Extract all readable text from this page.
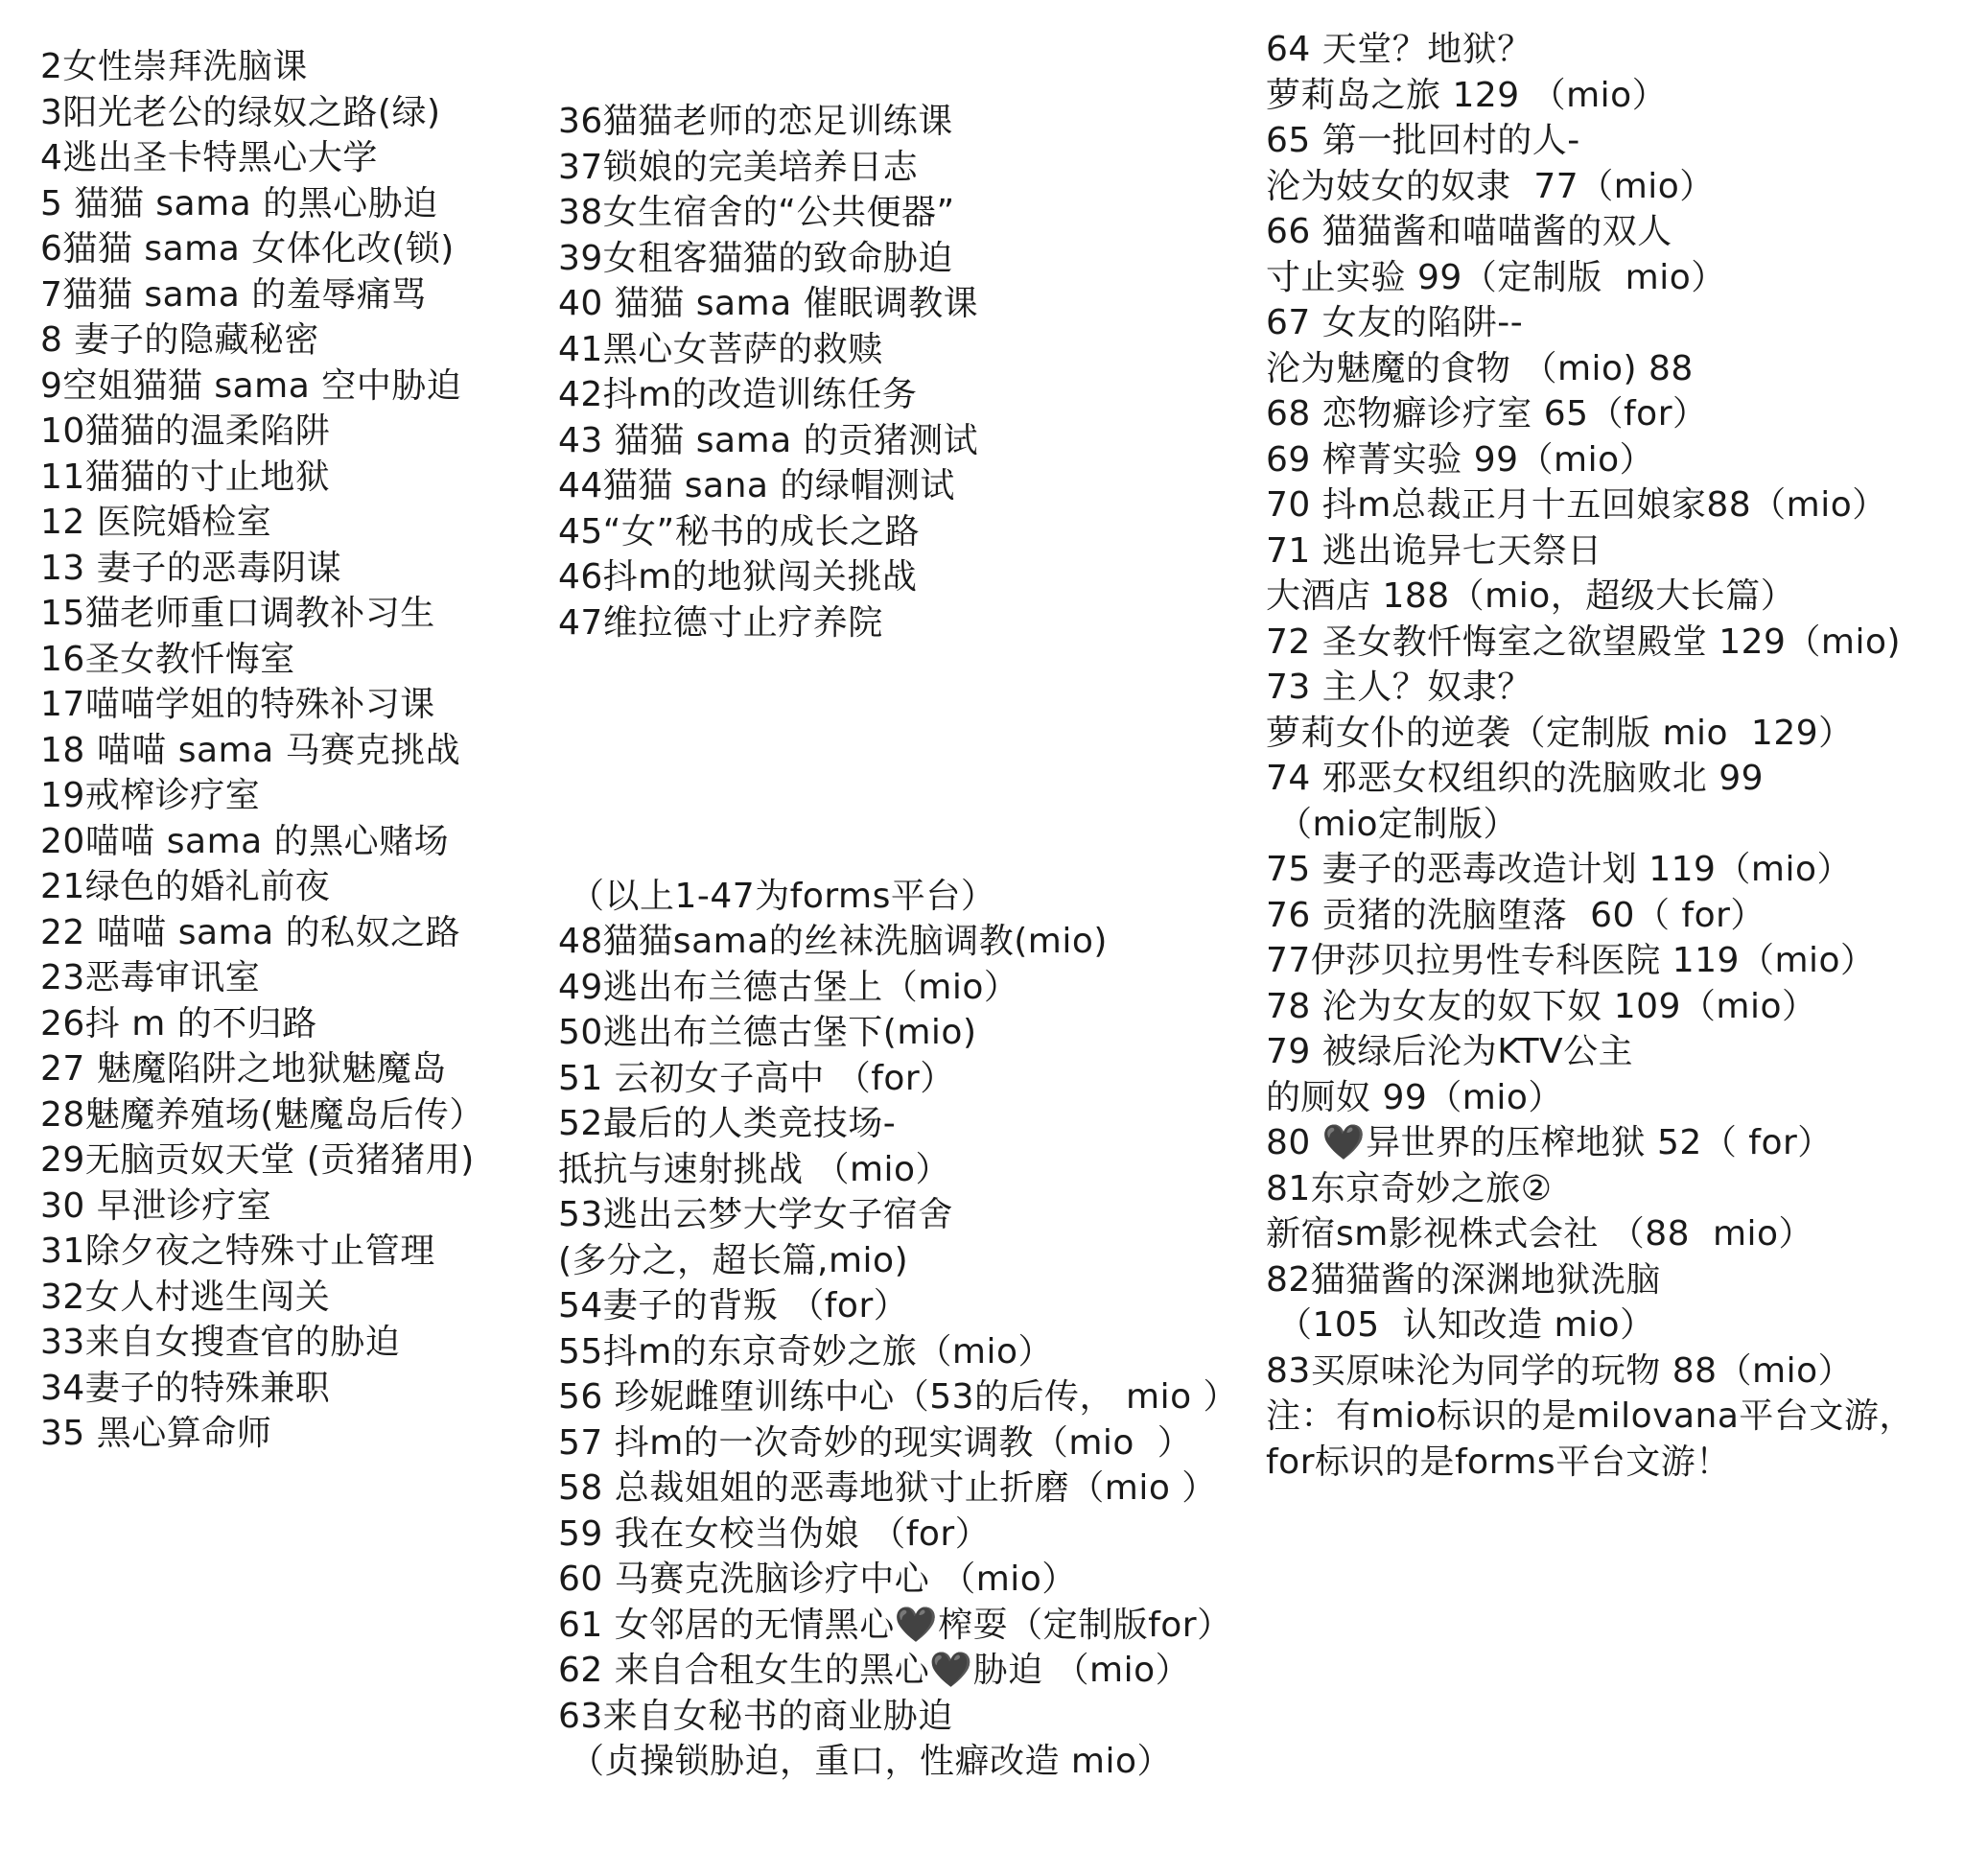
2女性崇拜洗脑课
3阳光老公的绿奴之路(绿)
4逃出圣卡特黑心大学
5 猫猫 sama 的黑心胁迫
6猫猫 sama 女体化改(锁)
7猫猫 sama 的羞辱痛骂
8 妻子的隐藏秘密
9空姐猫猫 sama 空中胁迫
10猫猫的温柔陷阱
11猫猫的寸止地狱
12 医院婚检室
13 妻子的恶毒阴谋
15猫老师重口调教补习生
16圣女教忏悔室
17喵喵学姐的特殊补习课
18 喵喵 sama 马赛克挑战
19戒榨诊疗室
20喵喵 sama 的黑心赌场
21绿色的婚礼前夜
22 喵喵 sama 的私奴之路
23恶毒审讯室
26抖 m 的不归路
27 魅魔陷阱之地狱魅魔岛
28魅魔养殖场(魅魔岛后传）
29无脑贡奴天堂 (贡猪猪用)
30 早泄诊疗室
31除夕夜之特殊寸止管理
32女人村逃生闯关
33来自女搜查官的胁迫
34妻子的特殊兼职
35 黑心算命师

36猫猫老师的恋足训练课
37锁娘的完美培养日志
38女生宿舍的“公共便器”
39女租客猫猫的致命胁迫
40 猫猫 sama 催眠调教课
41黑心女菩萨的救赎
42抖m的改造训练任务
43 猫猫 sama 的贡猪测试
44猫猫 sana 的绿帽测试
45“女”秘书的成长之路
46抖m的地狱闯关挑战
47维拉德寸止疗养院

（以上1-47为forms平台）
48猫猫sama的丝袜洗脑调教(mio)
49逃出布兰德古堡上（mio）
50逃出布兰德古堡下(mio)
51 云初女子高中 （for）
52最后的人类竞技场-
抵抗与速射挑战 （mio）
53逃出云梦大学女子宿舍
(多分之，超长篇,mio)
54妻子的背叛 （for）
55抖m的东京奇妙之旅（mio）
56 珍妮雌堕训练中心（53的后传， mio ）
57 抖m的一次奇妙的现实调教（mio  ）
58 总裁姐姐的恶毒地狱寸止折磨（mio ）
59 我在女校当伪娘 （for）
60 马赛克洗脑诊疗中心 （mio）
61 女邻居的无情黑心🖤榨耍（定制版for）
62 来自合租女生的黑心🖤胁迫 （mio）
63来自女秘书的商业胁迫
（贞操锁胁迫，重口，性癖改造 mio）

64 天堂？地狱？
萝莉岛之旅 129 （mio）
65 第一批回村的人-
沦为妓女的奴隶  77（mio）
66 猫猫酱和喵喵酱的双人
寸止实验 99（定制版  mio）
67 女友的陷阱--
沦为魅魔的食物 （mio) 88
68 恋物癖诊疗室 65（for）
69 榨菁实验 99（mio）
70 抖m总裁正月十五回娘家88（mio）
71 逃出诡异七天祭日
大酒店 188（mio，超级大长篇）
72 圣女教忏悔室之欲望殿堂 129（mio)
73 主人？奴隶？
萝莉女仆的逆袭（定制版 mio  129）
74 邪恶女权组织的洗脑败北 99
（mio定制版）
75 妻子的恶毒改造计划 119（mio）
76 贡猪的洗脑堕落  60（ for）
77伊莎贝拉男性专科医院 119（mio）
78 沦为女友的奴下奴 109（mio）
79 被绿后沦为KTV公主
的厕奴 99（mio）
80 🖤异世界的压榨地狱 52（ for）
81东京奇妙之旅②
新宿sm影视株式会社 （88  mio）
82猫猫酱的深渊地狱洗脑
（105  认知改造 mio）
83买原味沦为同学的玩物 88（mio）
注：有mio标识的是milovana平台文游，
for标识的是forms平台文游！
